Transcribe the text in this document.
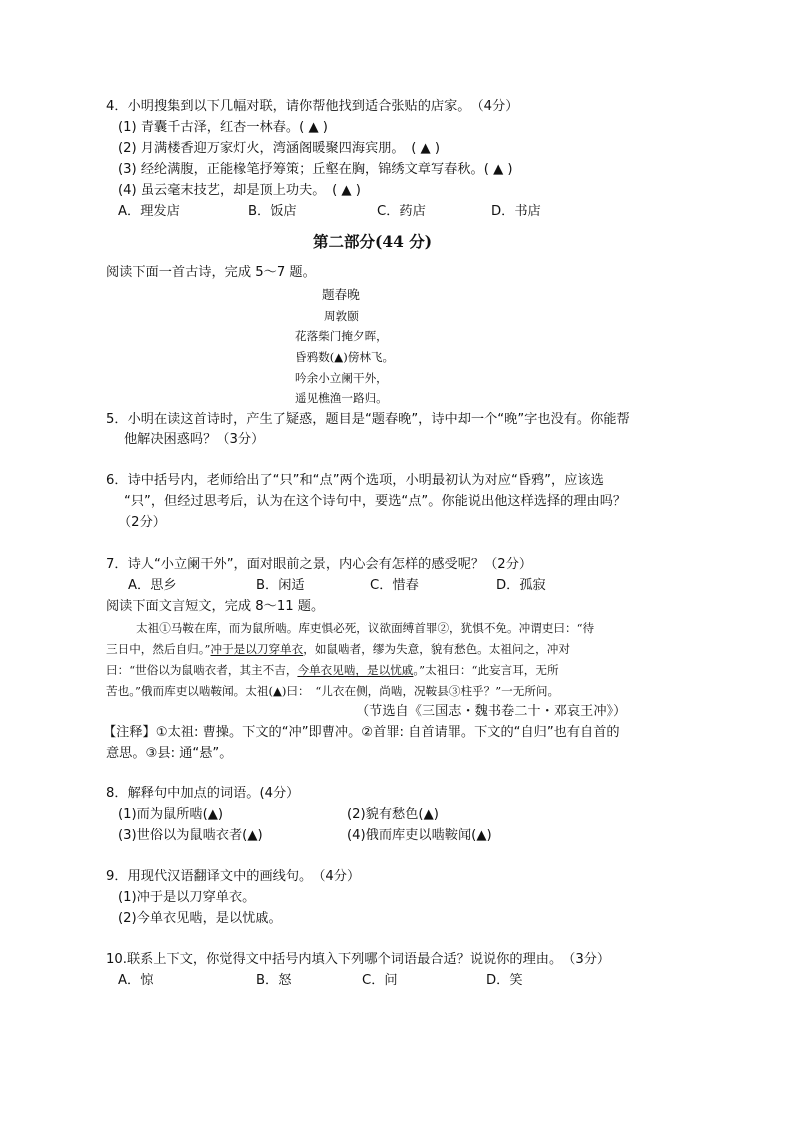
4．小明搜集到以下几幅对联，请你帮他找到适合张贴的店家。　（4分）
(1) 青囊千古泽，红杏一林春。( ▲ )
(2) 月满楼香迎万家灯火，湾涵阁暖聚四海宾朋。　( ▲ )
(3) 经纶满腹，正能椽笔抒筹策；丘壑在胸，锦绣文章写春秋。( ▲ )
(4) 虽云毫末技艺，却是顶上功夫。　( ▲ )
A．理发店	B．饭店	C．药店	D．书店
第二部分(44 分)
阅读下面一首古诗，完成 5～7 题。
题春晚
周敦颐
花落柴门掩夕晖，
昏鸦数(▲)傍林飞。
吟余小立阑干外，
遥见樵渔一路归。
5．小明在读这首诗时，产生了疑惑，题目是“题春晚”，诗中却一个“晚”字也没有。你能帮
他解决困惑吗？（3分）
6．诗中括号内，老师给出了“只”和“点”两个选项，小明最初认为对应“昏鸦”，应该选
“只”，但经过思考后，认为在这个诗句中，要选“点”。你能说出他这样选择的理由吗？
（2分）
7．诗人“小立阑干外”，面对眼前之景，内心会有怎样的感受呢？（2分）
A．思乡	B．闲适	C．惜春	D．孤寂
阅读下面文言短文，完成 8～11 题。
太祖①马鞍在库，而为鼠所啮。库吏惧必死，议欲面缚首罪②，犹惧不免。冲谓吏曰：“待
三日中，然后自归。”冲于是以刀穿单衣，如鼠啮者，缪为失意，貌有愁色。太祖问之，冲对
曰：“世俗以为鼠啮衣者，其主不吉，今单衣见啮，是以忧戚。”太祖曰：“此妄言耳，无所
苦也。”俄而库吏以啮鞍闻。太祖(▲)曰：　“儿衣在侧，尚啮，况鞍县③柱乎？”一无所问。
（节选自《三国志・魏书卷二十・邓哀王冲》）
【注释】①太祖: 曹操。下文的“冲”即曹冲。②首罪: 自首请罪。下文的“自归”也有自首的
意思。③县: 通“悬”。
8．解释句中加点的词语。(4分）
(1)而为鼠所啮(▲)	(2)貌有愁色(▲)
(3)世俗以为鼠啮衣者(▲)	(4)俄而库吏以啮鞍闻(▲)
9．用现代汉语翻译文中的画线句。　（4分）
(1)冲于是以刀穿单衣。
(2)今单衣见啮，是以忧戚。
10.联系上下文，你觉得文中括号内填入下列哪个词语最合适？说说你的理由。　（3分）
A．惊	B．怒	C．问	D．笑
